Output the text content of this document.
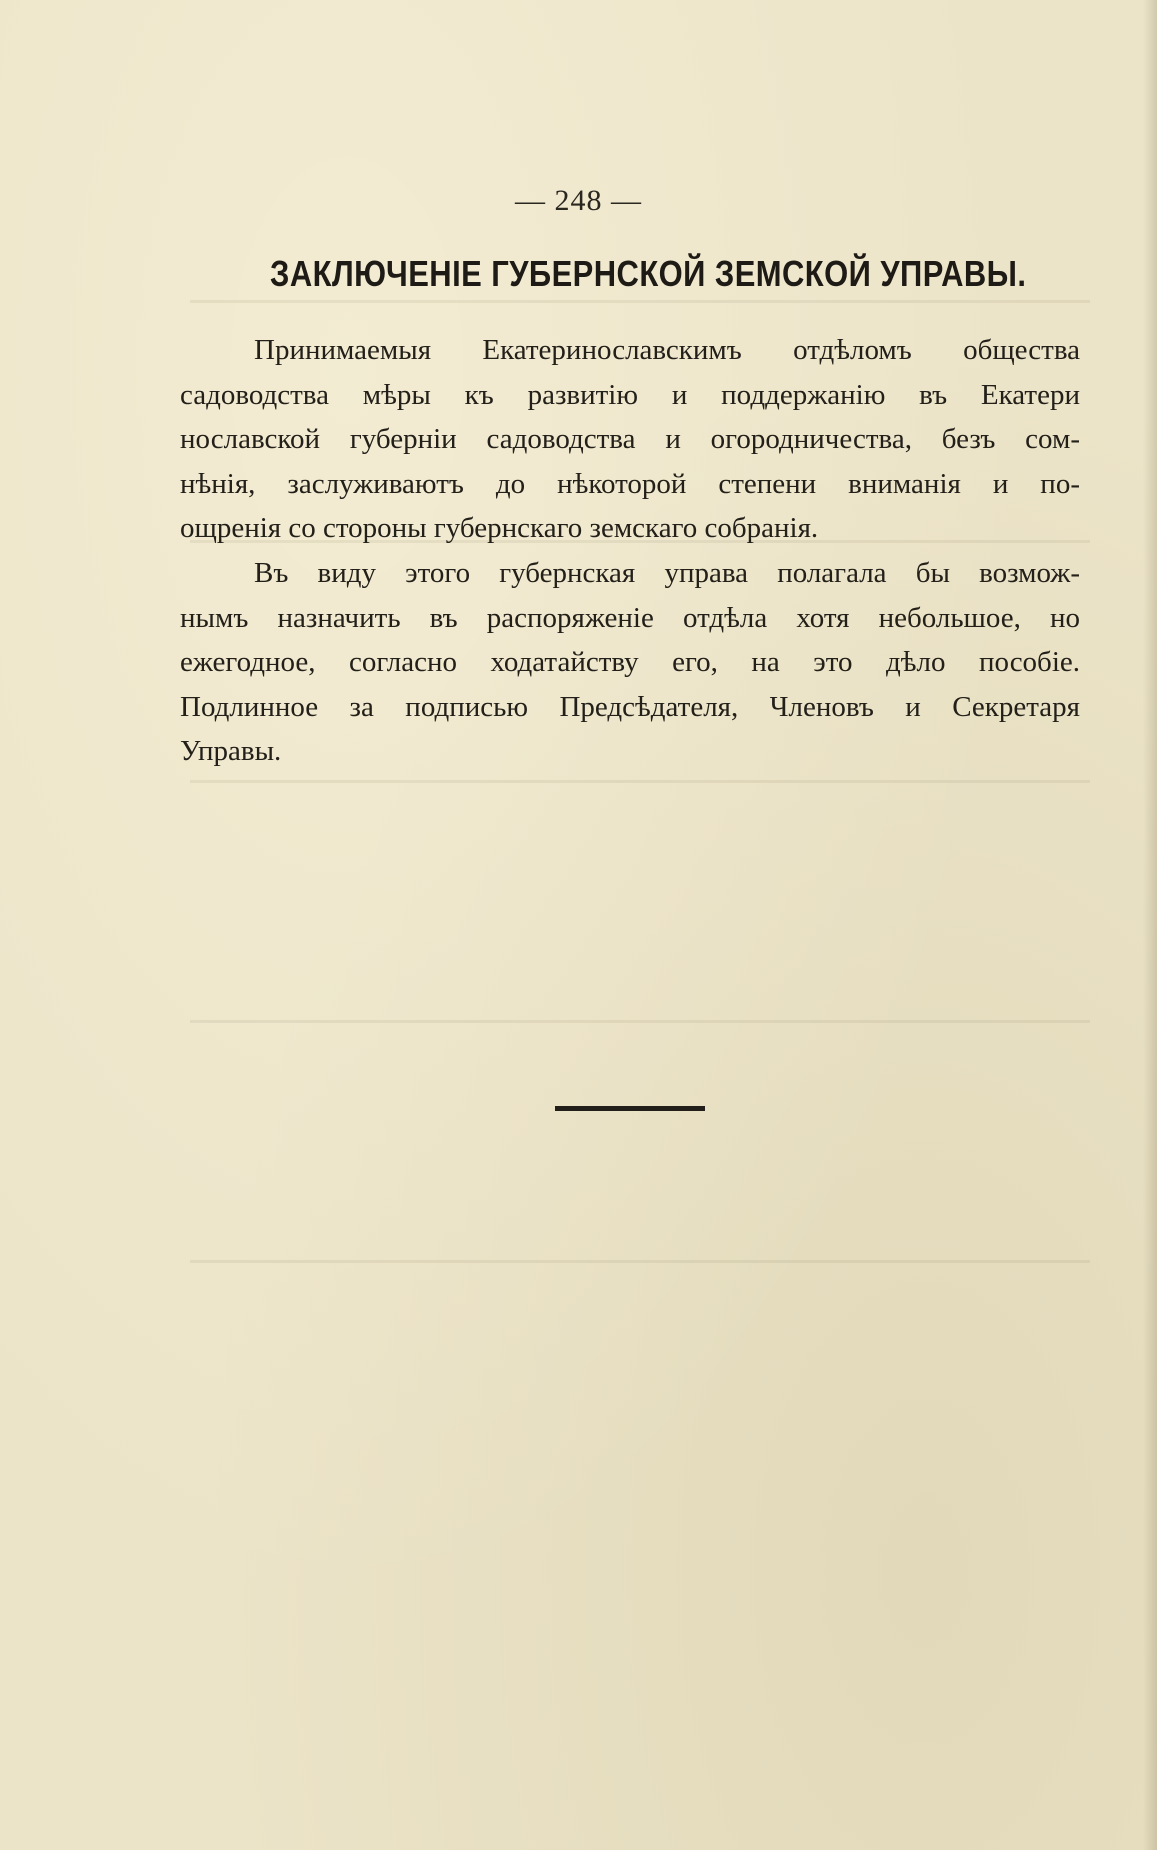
— 248 —
ЗАКЛЮЧЕНІЕ ГУБЕРНСКОЙ ЗЕМСКОЙ УПРАВЫ.
Принимаемыя Екатеринославскимъ отдѣломъ общества
садоводства мѣры къ развитію и поддержанію въ Екатери
нославской губерніи садоводства и огородничества, безъ сом-
нѣнія, заслуживаютъ до нѣкоторой степени вниманія и по-
ощренія со стороны губернскаго земскаго собранія.
Въ виду этого губернская управа полагала бы возмож-
нымъ назначить въ распоряженіе отдѣла хотя небольшое, но
ежегодное, согласно ходатайству его, на это дѣло пособіе.
Подлинное за подписью Предсѣдателя, Членовъ и Секретаря
Управы.
